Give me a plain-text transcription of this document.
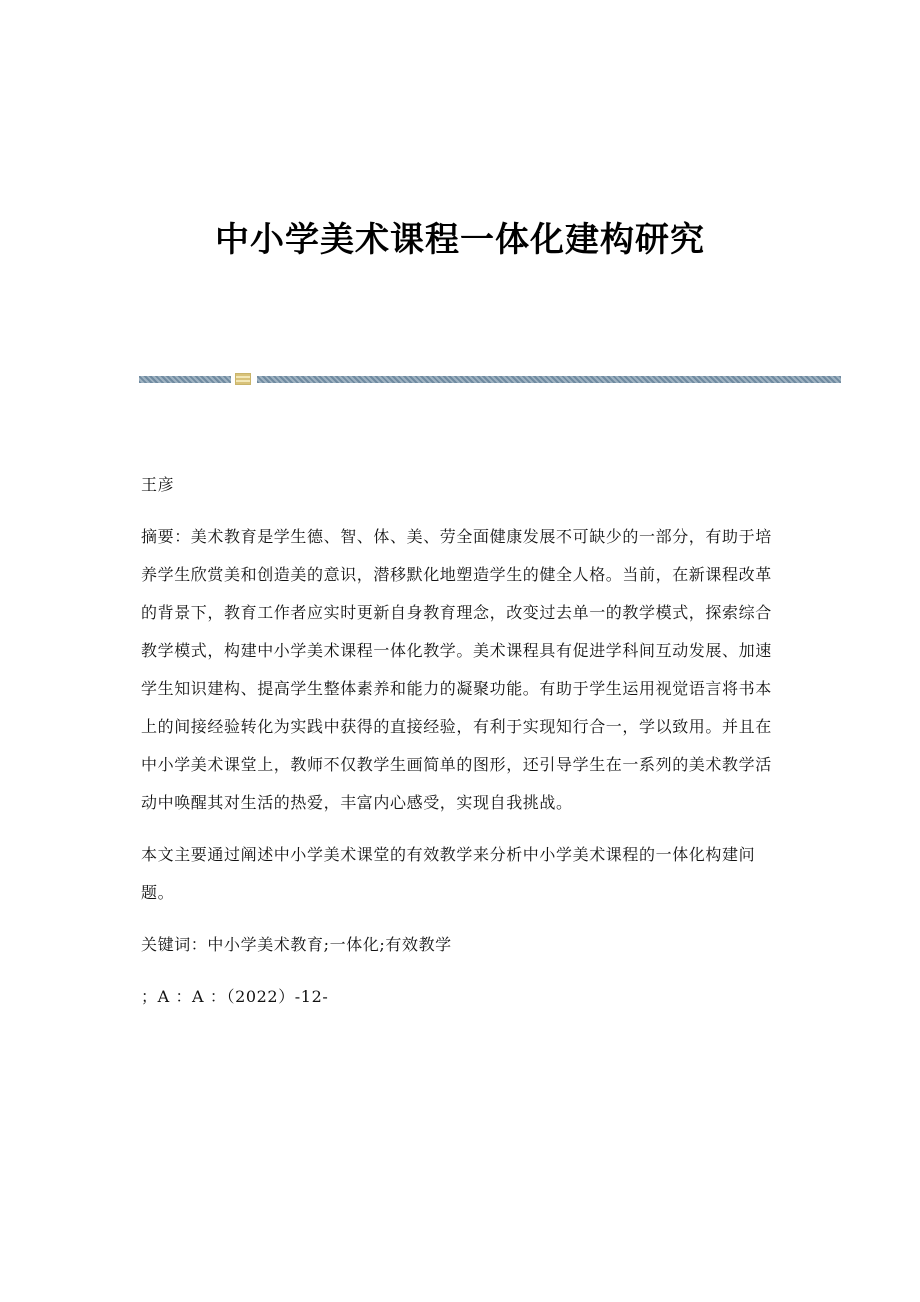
中小学美术课程一体化建构研究

王彦

摘要：美术教育是学生德、智、体、美、劳全面健康发展不可缺少的一部分，有助于培养学生欣赏美和创造美的意识，潜移默化地塑造学生的健全人格。当前，在新课程改革的背景下，教育工作者应实时更新自身教育理念，改变过去单一的教学模式，探索综合教学模式，构建中小学美术课程一体化教学。美术课程具有促进学科间互动发展、加速学生知识建构、提高学生整体素养和能力的凝聚功能。有助于学生运用视觉语言将书本上的间接经验转化为实践中获得的直接经验，有利于实现知行合一，学以致用。并且在中小学美术课堂上，教师不仅教学生画简单的图形，还引导学生在一系列的美术教学活动中唤醒其对生活的热爱，丰富内心感受，实现自我挑战。

本文主要通过阐述中小学美术课堂的有效教学来分析中小学美术课程的一体化构建问题。

关键词：中小学美术教育;一体化;有效教学

；A ：A ：（2022）-12-
